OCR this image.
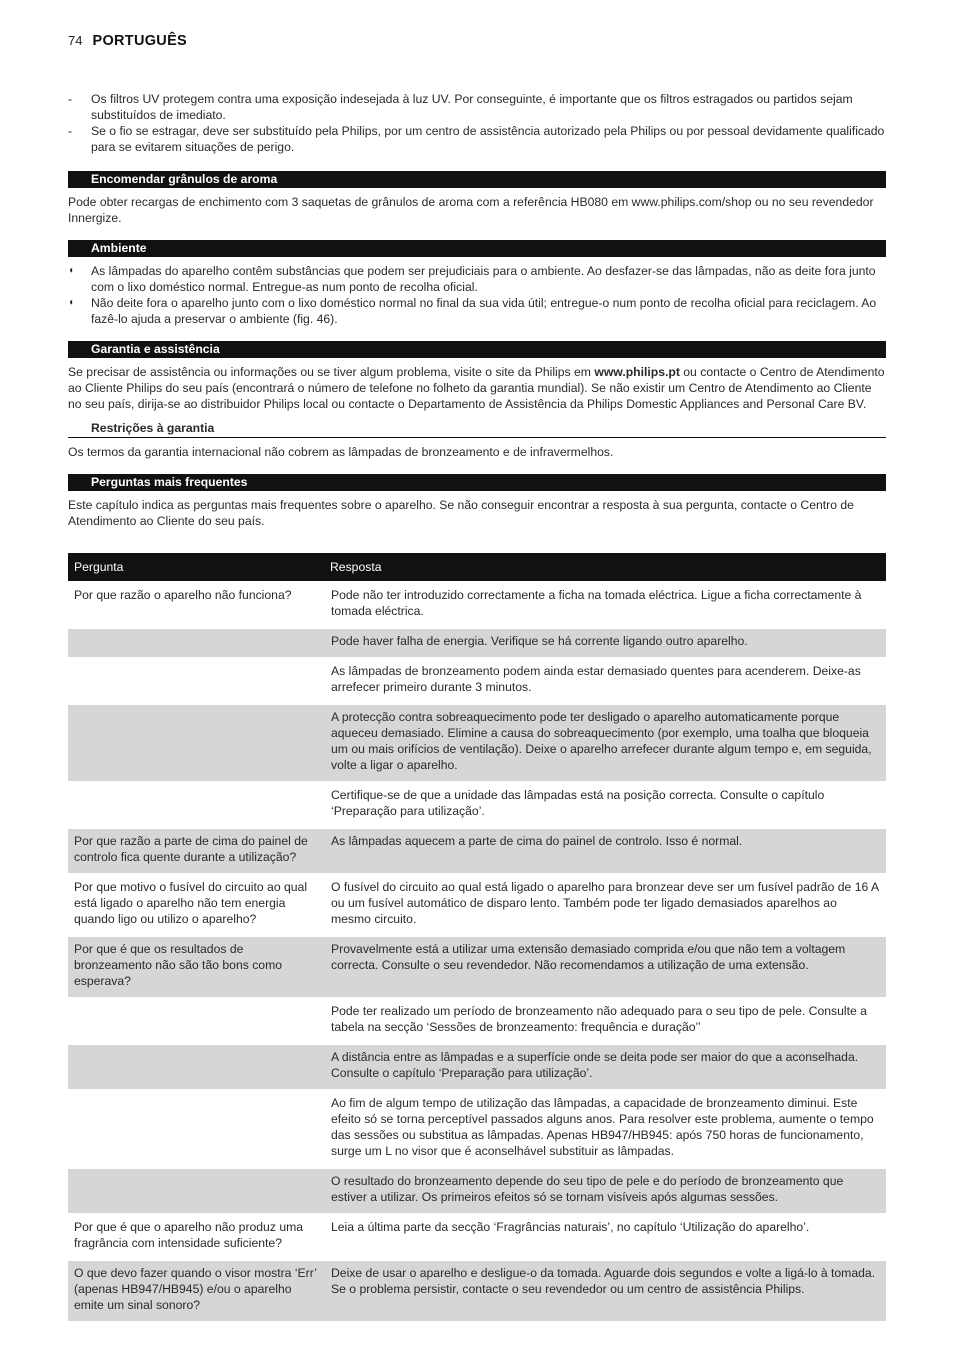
74 PORTUGUÊS
- Os filtros UV protegem contra uma exposição indesejada à luz UV. Por conseguinte, é importante que os filtros estragados ou partidos sejam substituídos de imediato.
- Se o fio se estragar, deve ser substituído pela Philips, por um centro de assistência autorizado pela Philips ou por pessoal devidamente qualificado para se evitarem situações de perigo.
Encomendar grânulos de aroma

Pode obter recargas de enchimento com 3 saquetas de grânulos de aroma com a referência HB080 em www.philips.com/shop ou no seu revendedor Innergize.

Ambiente
◖ As lâmpadas do aparelho contêm substâncias que podem ser prejudiciais para o ambiente. Ao desfazer-se das lâmpadas, não as deite fora junto com o lixo doméstico normal. Entregue-as num ponto de recolha oficial.
◖ Não deite fora o aparelho junto com o lixo doméstico normal no final da sua vida útil; entregue-o num ponto de recolha oficial para reciclagem. Ao fazê-lo ajuda a preservar o ambiente (fig. 46).
Garantia e assistência

Se precisar de assistência ou informações ou se tiver algum problema, visite o site da Philips em www.philips.pt ou contacte o Centro de Atendimento ao Cliente Philips do seu país (encontrará o número de telefone no folheto da garantia mundial). Se não existir um Centro de Atendimento ao Cliente no seu país, dirija-se ao distribuidor Philips local ou contacte o Departamento de Assistência da Philips Domestic Appliances and Personal Care BV.

Restrições à garantia

Os termos da garantia internacional não cobrem as lâmpadas de bronzeamento e de infravermelhos.

Perguntas mais frequentes

Este capítulo indica as perguntas mais frequentes sobre o aparelho. Se não conseguir encontrar a resposta à sua pergunta, contacte o Centro de Atendimento ao Cliente do seu país.

Pergunta	Resposta
Por que razão o aparelho não funciona?	Pode não ter introduzido correctamente a ficha na tomada eléctrica. Ligue a ficha correctamente à tomada eléctrica.
	Pode haver falha de energia. Verifique se há corrente ligando outro aparelho.
	As lâmpadas de bronzeamento podem ainda estar demasiado quentes para acenderem. Deixe-as arrefecer primeiro durante 3 minutos.
	A protecção contra sobreaquecimento pode ter desligado o aparelho automaticamente porque aqueceu demasiado. Elimine a causa do sobreaquecimento (por exemplo, uma toalha que bloqueia um ou mais orifícios de ventilação). Deixe o aparelho arrefecer durante algum tempo e, em seguida, volte a ligar o aparelho.
	Certifique-se de que a unidade das lâmpadas está na posição correcta. Consulte o capítulo ‘Preparação para utilização’.
Por que razão a parte de cima do painel de controlo fica quente durante a utilização?	As lâmpadas aquecem a parte de cima do painel de controlo. Isso é normal.
Por que motivo o fusível do circuito ao qual está ligado o aparelho não tem energia quando ligo ou utilizo o aparelho?	O fusível do circuito ao qual está ligado o aparelho para bronzear deve ser um fusível padrão de 16 A ou um fusível automático de disparo lento. Também pode ter ligado demasiados aparelhos ao mesmo circuito.
Por que é que os resultados de bronzeamento não são tão bons como esperava?	Provavelmente está a utilizar uma extensão demasiado comprida e/ou que não tem a voltagem correcta. Consulte o seu revendedor. Não recomendamos a utilização de uma extensão.
	Pode ter realizado um período de bronzeamento não adequado para o seu tipo de pele. Consulte a tabela na secção ‘Sessões de bronzeamento: frequência e duração’’
	A distância entre as lâmpadas e a superfície onde se deita pode ser maior do que a aconselhada. Consulte o capítulo ‘Preparação para utilização’.
	Ao fim de algum tempo de utilização das lâmpadas, a capacidade de bronzeamento diminui. Este efeito só se torna perceptível passados alguns anos. Para resolver este problema, aumente o tempo das sessões ou substitua as lâmpadas. Apenas HB947/HB945: após 750 horas de funcionamento, surge um L no visor que é aconselhável substituir as lâmpadas.
	O resultado do bronzeamento depende do seu tipo de pele e do período de bronzeamento que estiver a utilizar. Os primeiros efeitos só se tornam visíveis após algumas sessões.
Por que é que o aparelho não produz uma fragrância com intensidade suficiente?	Leia a última parte da secção ‘Fragrâncias naturais’, no capítulo ‘Utilização do aparelho’.
O que devo fazer quando o visor mostra ‘Err’ (apenas HB947/HB945) e/ou o aparelho emite um sinal sonoro?	Deixe de usar o aparelho e desligue-o da tomada. Aguarde dois segundos e volte a ligá-lo à tomada. Se o problema persistir, contacte o seu revendedor ou um centro de assistência Philips.
